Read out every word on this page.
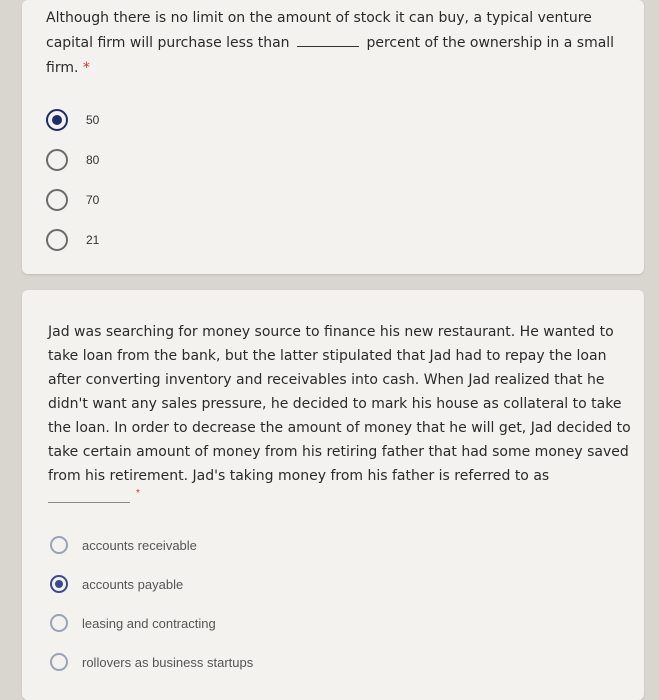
Although there is no limit on the amount of stock it can buy, a typical venture capital firm will purchase less than	percent of the ownership in a small firm. *
50
80
70
21
Jad was searching for money source to finance his new restaurant. He wanted to take loan from the bank, but the latter stipulated that Jad had to repay the loan after converting inventory and receivables into cash. When Jad realized that he didn't want any sales pressure, he decided to mark his house as collateral to take the loan. In order to decrease the amount of money that he will get, Jad decided to take certain amount of money from his retiring father that had some money saved from his retirement. Jad's taking money from his father is referred to as
*
accounts receivable
accounts payable
leasing and contracting
rollovers as business startups
